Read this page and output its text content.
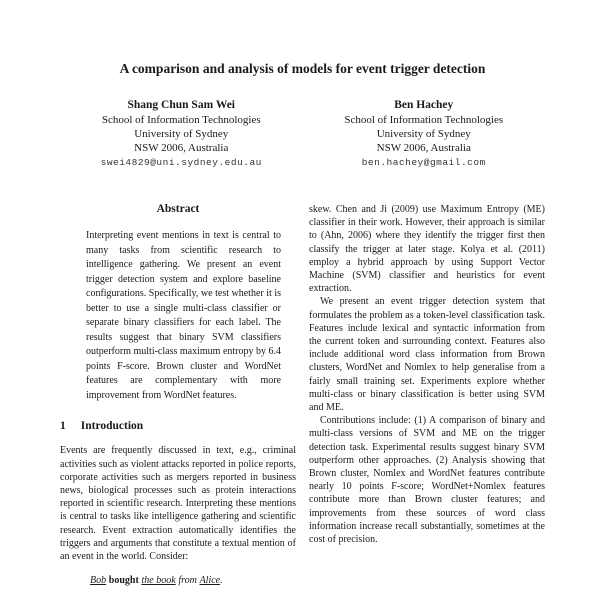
A comparison and analysis of models for event trigger detection
Shang Chun Sam Wei
School of Information Technologies
University of Sydney
NSW 2006, Australia
swei4829@uni.sydney.edu.au
Ben Hachey
School of Information Technologies
University of Sydney
NSW 2006, Australia
ben.hachey@gmail.com
Abstract

Interpreting event mentions in text is central to many tasks from scientific research to intelligence gathering. We present an event trigger detection system and explore baseline configurations. Specifically, we test whether it is better to use a single multi-class classifier or separate binary classifiers for each label. The results suggest that binary SVM classifiers outperform multi-class maximum entropy by 6.4 points F-score. Brown cluster and WordNet features are complementary with more improvement from WordNet features.

1 Introduction

Events are frequently discussed in text, e.g., criminal activities such as violent attacks reported in police reports, corporate activities such as mergers reported in business news, biological processes such as protein interactions reported in scientific research. Interpreting these mentions is central to tasks like intelligence gathering and scientific research. Event extraction automatically identifies the triggers and arguments that constitute a textual mention of an event in the world. Consider:

Bob bought the book from Alice.

skew. Chen and Ji (2009) use Maximum Entropy (ME) classifier in their work. However, their approach is similar to (Ahn, 2006) where they identify the trigger first then classify the trigger at later stage. Kolya et al. (2011) employ a hybrid approach by using Support Vector Machine (SVM) classifier and heuristics for event extraction.

We present an event trigger detection system that formulates the problem as a token-level classification task. Features include lexical and syntactic information from the current token and surrounding context. Features also include additional word class information from Brown clusters, WordNet and Nomlex to help generalise from a fairly small training set. Experiments explore whether multi-class or binary classification is better using SVM and ME.

Contributions include: (1) A comparison of binary and multi-class versions of SVM and ME on the trigger detection task. Experimental results suggest binary SVM outperform other approaches. (2) Analysis showing that Brown cluster, Nomlex and WordNet features contribute nearly 10 points F-score; WordNet+Nomlex features contribute more than Brown cluster features; and improvements from these sources of word class information increase recall substantially, sometimes at the cost of precision.
